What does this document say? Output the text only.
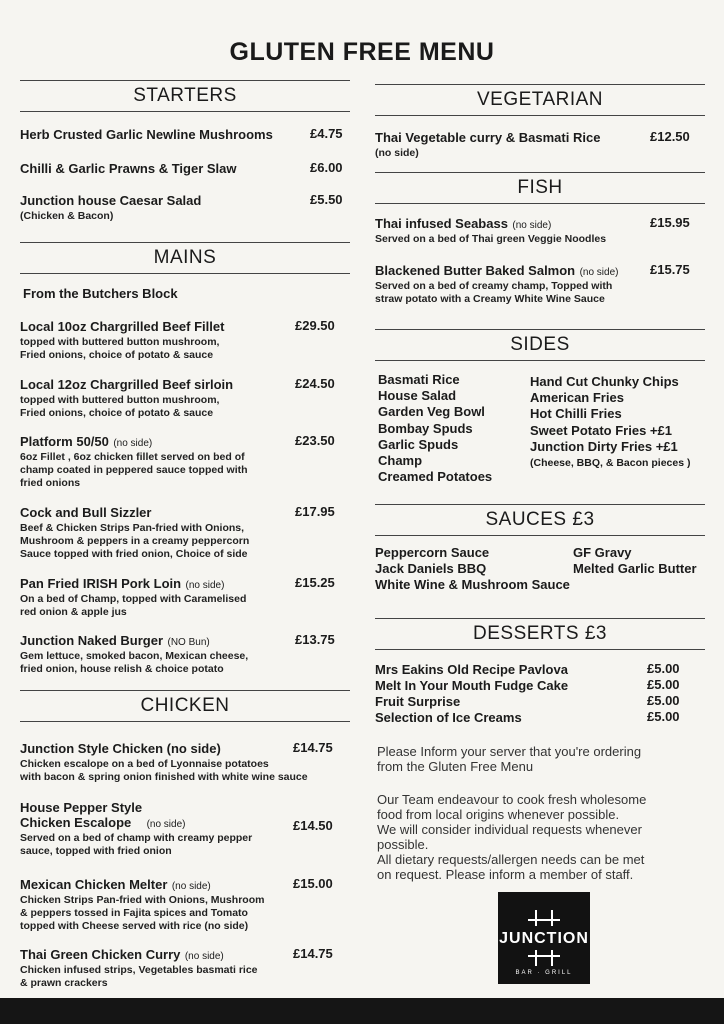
GLUTEN FREE MENU
STARTERS
Herb Crusted Garlic Newline Mushrooms	£4.75
Chilli & Garlic Prawns & Tiger Slaw	£6.00
Junction house Caesar Salad	£5.50
(Chicken & Bacon)
MAINS
From the Butchers Block
Local 10oz Chargrilled Beef Fillet	£29.50
topped with buttered button mushroom,
Fried onions, choice of potato & sauce
Local 12oz Chargrilled Beef sirloin	£24.50
topped with buttered button mushroom,
Fried onions, choice of potato & sauce
Platform 50/50 (no side)	£23.50
6oz Fillet , 6oz chicken fillet served on bed of
champ coated in peppered sauce topped with
fried onions
Cock and Bull Sizzler	£17.95
Beef & Chicken Strips Pan-fried with Onions,
Mushroom & peppers in a creamy peppercorn
Sauce topped with fried onion, Choice of side
Pan Fried IRISH Pork Loin (no side)	£15.25
On a bed of Champ, topped with Caramelised
red onion & apple jus
Junction Naked Burger (NO Bun)	£13.75
Gem lettuce, smoked bacon, Mexican cheese,
fried onion, house relish & choice potato
CHICKEN
Junction Style Chicken (no side)	£14.75
Chicken escalope on a bed of Lyonnaise potatoes
with bacon & spring onion finished with white wine sauce
House Pepper Style
Chicken Escalope (no side)	£14.50
Served on a bed of champ with creamy pepper
sauce, topped with fried onion
Mexican Chicken Melter (no side)	£15.00
Chicken Strips Pan-fried with Onions, Mushroom
& peppers tossed in Fajita spices and Tomato
topped with Cheese served with rice (no side)
Thai Green Chicken Curry (no side)	£14.75
Chicken infused strips, Vegetables basmati rice
& prawn crackers
VEGETARIAN
Thai Vegetable curry & Basmati Rice	£12.50
(no side)
FISH
Thai infused Seabass (no side)	£15.95
Served on a bed of Thai green Veggie Noodles
Blackened Butter Baked Salmon (no side) £15.75
Served on a bed of creamy champ, Topped with
straw potato with a Creamy White Wine Sauce
SIDES
Basmati Rice
House Salad
Garden Veg Bowl
Bombay Spuds
Garlic Spuds
Champ
Creamed Potatoes
Hand Cut Chunky Chips
American Fries
Hot Chilli Fries
Sweet Potato Fries +£1
Junction Dirty Fries +£1
(Cheese, BBQ, & Bacon pieces )
SAUCES £3
Peppercorn Sauce
Jack Daniels BBQ
White Wine & Mushroom Sauce
GF Gravy
Melted Garlic Butter
DESSERTS £3
Mrs Eakins Old Recipe Pavlova	£5.00
Melt In Your Mouth Fudge Cake	£5.00
Fruit Surprise	£5.00
Selection of Ice Creams	£5.00
Please Inform your server that you're ordering
from the Gluten Free Menu
Our Team endeavour to cook fresh wholesome
food from local origins whenever possible.
We will consider individual requests whenever
possible.
All dietary requests/allergen needs can be met
on request. Please inform a member of staff.
JUNCTION
BAR · GRILL
